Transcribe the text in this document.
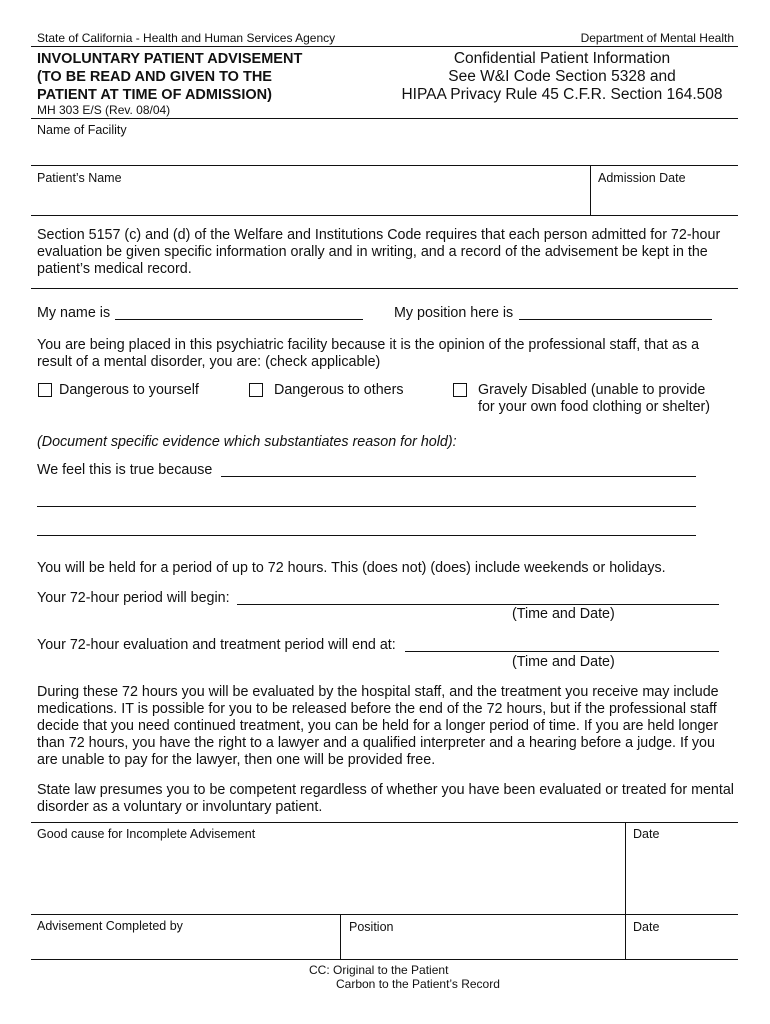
State of California - Health and Human Services Agency	Department of Mental Health
INVOLUNTARY PATIENT ADVISEMENT
(TO BE READ AND GIVEN TO THE
PATIENT AT TIME OF ADMISSION)
MH 303 E/S (Rev. 08/04)
Confidential Patient Information
See W&I Code Section 5328 and
HIPAA Privacy Rule 45 C.F.R. Section 164.508
Name of Facility
Patient’s Name	Admission Date
Section 5157 (c) and (d) of the Welfare and Institutions Code requires that each person admitted for 72-hour evaluation be given specific information orally and in writing, and a record of the advisement be kept in the patient’s medical record.
My name is	My position here is
You are being placed in this psychiatric facility because it is the opinion of the professional staff, that as a result of a mental disorder, you are: (check applicable)
Dangerous to yourself	Dangerous to others	Gravely Disabled (unable to provide
for your own food clothing or shelter)
(Document specific evidence which substantiates reason for hold):
We feel this is true because
You will be held for a period of up to 72 hours. This (does not) (does) include weekends or holidays.
Your 72-hour period will begin:
(Time and Date)
Your 72-hour evaluation and treatment period will end at:
(Time and Date)
During these 72 hours you will be evaluated by the hospital staff, and the treatment you receive may include medications. IT is possible for you to be released before the end of the 72 hours, but if the professional staff decide that you need continued treatment, you can be held for a longer period of time. If you are held longer than 72 hours, you have the right to a lawyer and a qualified interpreter and a hearing before a judge. If you are unable to pay for the lawyer, then one will be provided free.
State law presumes you to be competent regardless of whether you have been evaluated or treated for mental disorder as a voluntary or involuntary patient.
Good cause for Incomplete Advisement	Date
Advisement Completed by	Position	Date
CC: Original to the Patient
Carbon to the Patient’s Record
